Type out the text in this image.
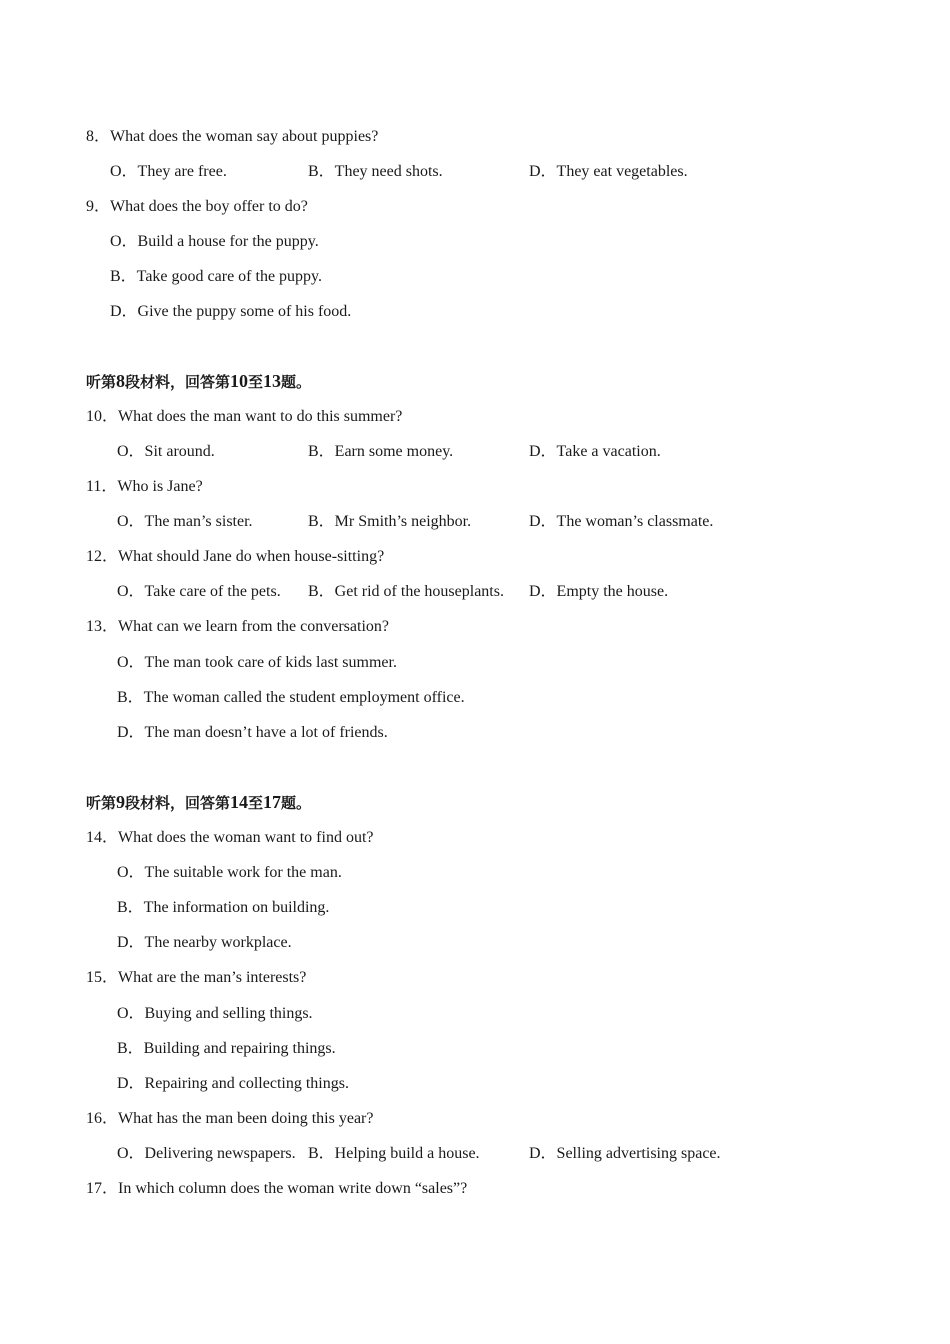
8．What does the woman say about puppies?
O．They are free.	B．They need shots.	D．They eat vegetables.
9．What does the boy offer to do?
O．Build a house for the puppy.
B．Take good care of the puppy.
D．Give the puppy some of his food.
听第8段材料，回答第10至13题。
10．What does the man want to do this summer?
O．Sit around.	B．Earn some money.	D．Take a vacation.
11．Who is Jane?
O．The man’s sister.	B．Mr Smith’s neighbor.	D．The woman’s classmate.
12．What should Jane do when house-sitting?
O．Take care of the pets. B．Get rid of the houseplants. D．Empty the house.
13．What can we learn from the conversation?
O．The man took care of kids last summer.
B．The woman called the student employment office.
D．The man doesn’t have a lot of friends.
听第9段材料，回答第14至17题。
14．What does the woman want to find out?
O．The suitable work for the man.
B．The information on building.
D．The nearby workplace.
15．What are the man’s interests?
O．Buying and selling things.
B．Building and repairing things.
D．Repairing and collecting things.
16．What has the man been doing this year?
O．Delivering newspapers. B．Helping build a house.	D．Selling advertising space.
17．In which column does the woman write down “sales”?
